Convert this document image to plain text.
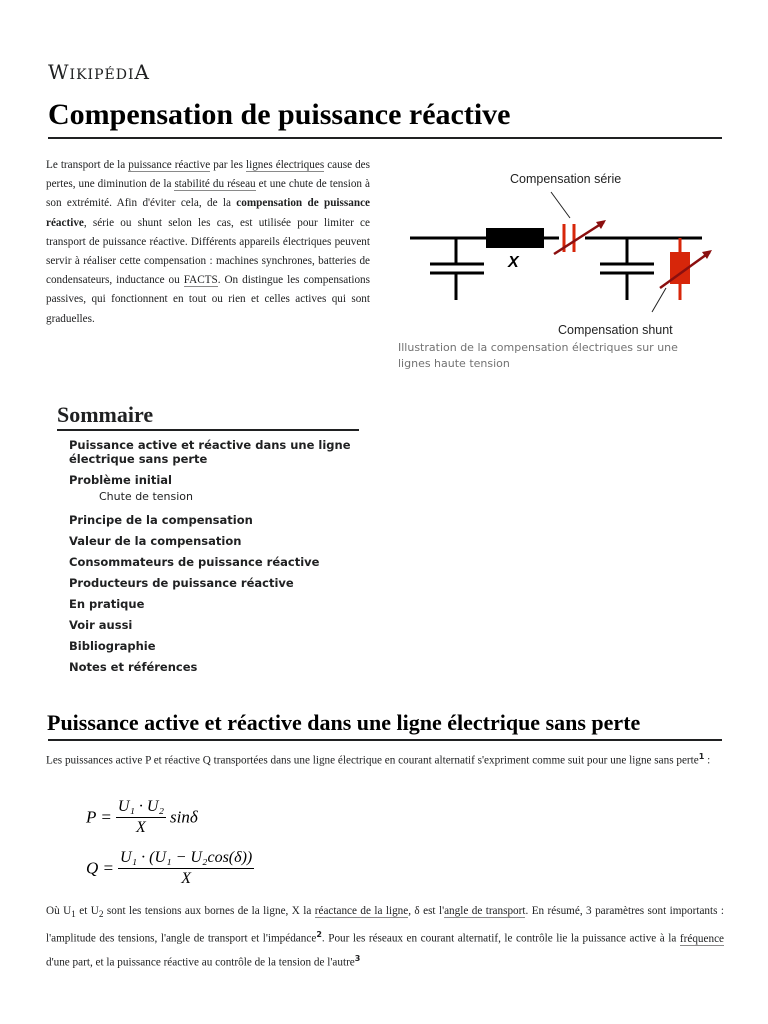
WikipédiA
Compensation de puissance réactive

Le transport de la puissance réactive par les lignes électriques cause des pertes, une diminution de la stabilité du réseau et une chute de tension à son extrémité. Afin d'éviter cela, de la compensation de puissance réactive, série ou shunt selon les cas, est utilisée pour limiter ce transport de puissance réactive. Différents appareils électriques peuvent servir à réaliser cette compensation : machines synchrones, batteries de condensateurs, inductance ou FACTS. On distingue les compensations passives, qui fonctionnent en tout ou rien et celles actives qui sont graduelles.

Compensation série
X
Compensation shunt
Illustration de la compensation électriques sur une lignes haute tension
Sommaire
Puissance active et réactive dans une ligne électrique sans perte
Problème initial
Chute de tension
Principe de la compensation
Valeur de la compensation
Consommateurs de puissance réactive
Producteurs de puissance réactive
En pratique
Voir aussi
Bibliographie
Notes et références
Puissance active et réactive dans une ligne électrique sans perte

Les puissances active P et réactive Q transportées dans une ligne électrique en courant alternatif s'expriment comme suit pour une ligne sans perte$^1$ :

$P = \frac{\text{U₁ · U₂}}{X}$ sinδ
$Q = \frac{\text{U₁ · (U₁ − U₂cos(δ))}}{X}$

Où $U_1$ et $U_2$ sont les tensions aux bornes de la ligne, X la réactance de la ligne, δ est l'angle de transport. En résumé, 3 paramètres sont importants : l'amplitude des tensions, l'angle de transport et l'impédance$^2$. Pour les réseaux en courant alternatif, le contrôle lie la puissance active à la fréquence d'une part, et la puissance réactive au contrôle de la tension de l'autre$^3$
